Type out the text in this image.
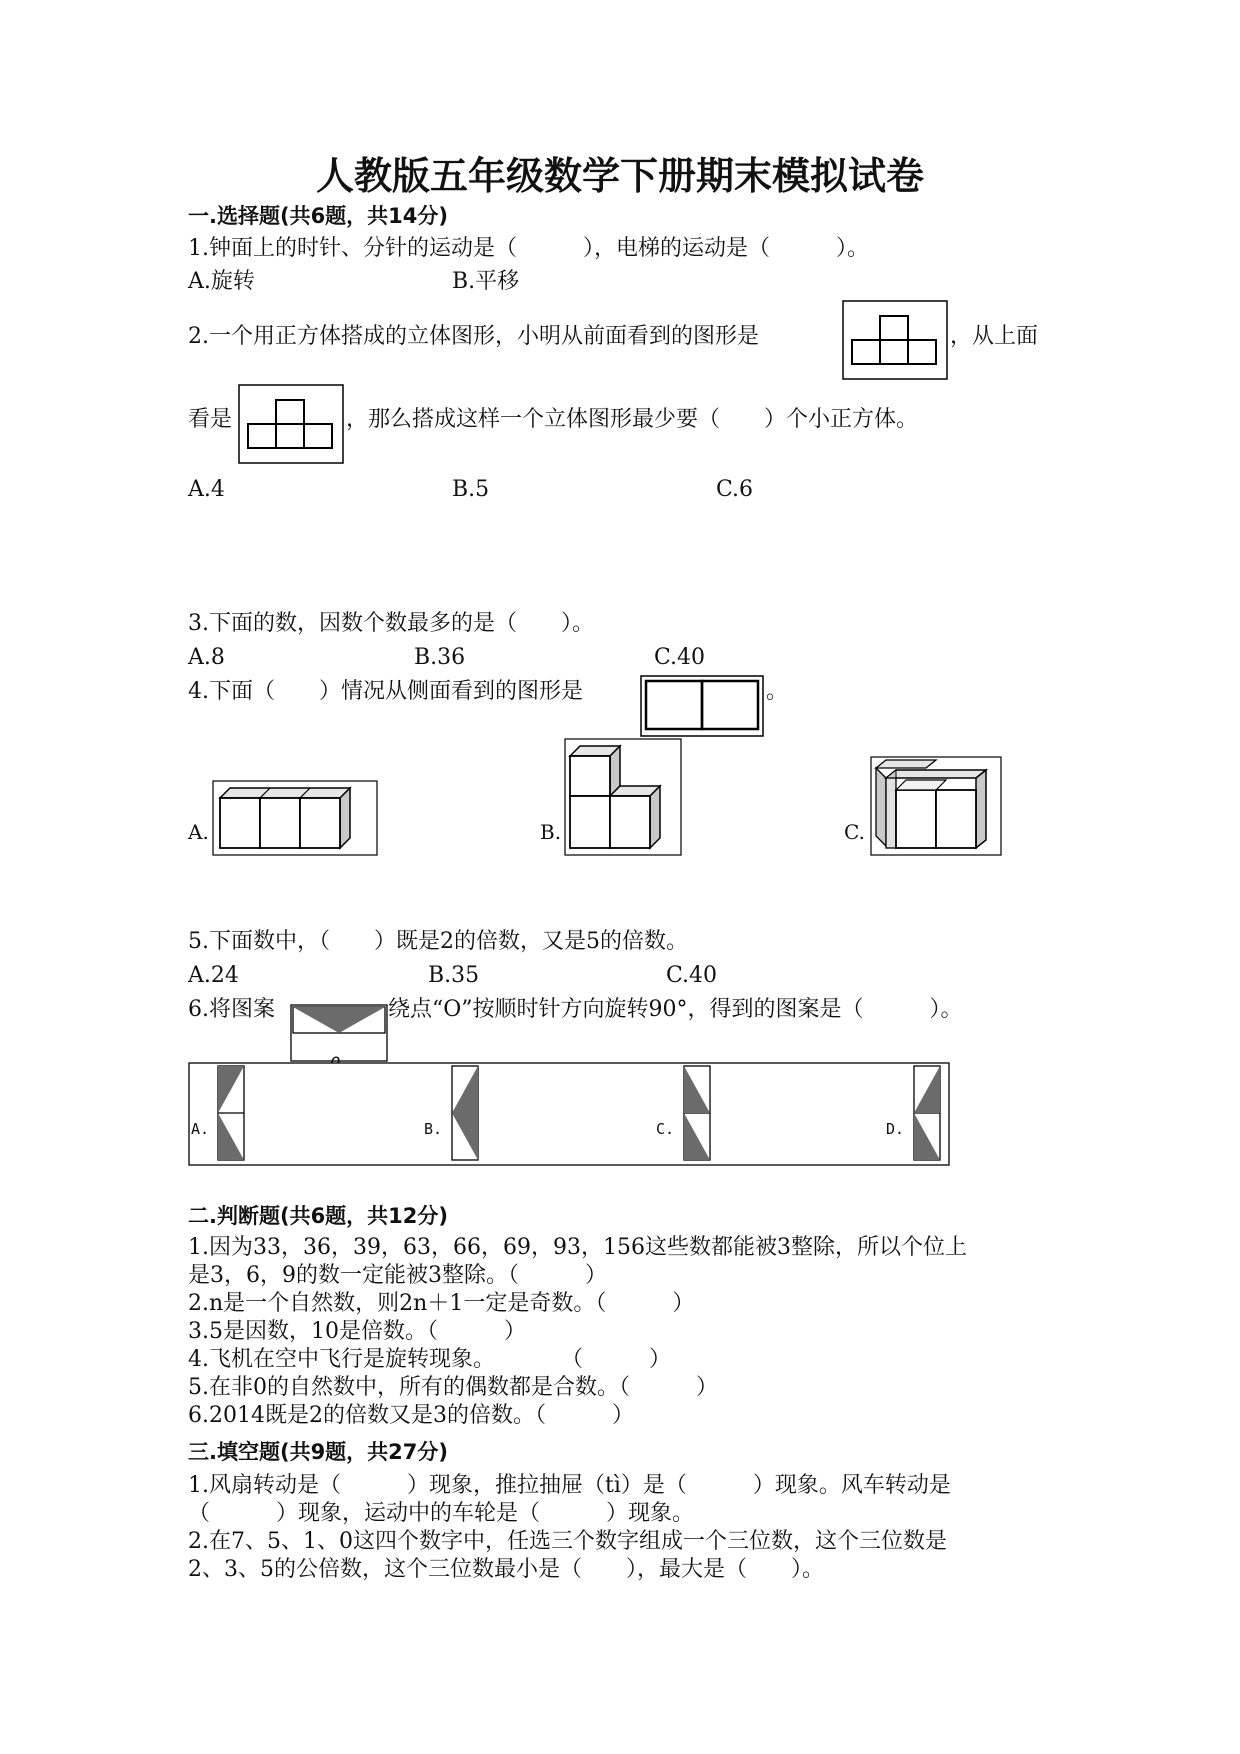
人教版五年级数学下册期末模拟试卷

一.选择题(共6题，共14分)

1.钟面上的时针、分针的运动是（　　　），电梯的运动是（　　　）。

A.旋转	B.平移

2.一个用正方体搭成的立体图形，小明从前面看到的图形是	，从上面

看是	，那么搭成这样一个立体图形最少要（　　）个小正方体。

A.4	B.5	C.6

3.下面的数，因数个数最多的是（　　）。

A.8	B.36	C.40

4.下面（　　）情况从侧面看到的图形是	。

A.	B.	C.

5.下面数中，（　　）既是2的倍数，又是5的倍数。

A.24	B.35	C.40

6.将图案	绕点“O”按顺时针方向旋转90°，得到的图案是（　　　）。

A.	B.	C.	D.

二.判断题(共6题，共12分)

1.因为33，36，39，63，66，69，93，156这些数都能被3整除，所以个位上

是3，6，9的数一定能被3整除。（　　　）

2.n是一个自然数，则2n＋1一定是奇数。（　　　）

3.5是因数，10是倍数。（　　　）

4.飞机在空中飞行是旋转现象。　　　　（　　　）

5.在非0的自然数中，所有的偶数都是合数。（　　　）

6.2014既是2的倍数又是3的倍数。（　　　）

三.填空题(共9题，共27分)

1.风扇转动是（　　　）现象，推拉抽屉（tì）是（　　　）现象。风车转动是

（　　　）现象，运动中的车轮是（　　　）现象。

2.在7、5、1、0这四个数字中，任选三个数字组成一个三位数，这个三位数是

2、3、5的公倍数，这个三位数最小是（　　），最大是（　　）。
